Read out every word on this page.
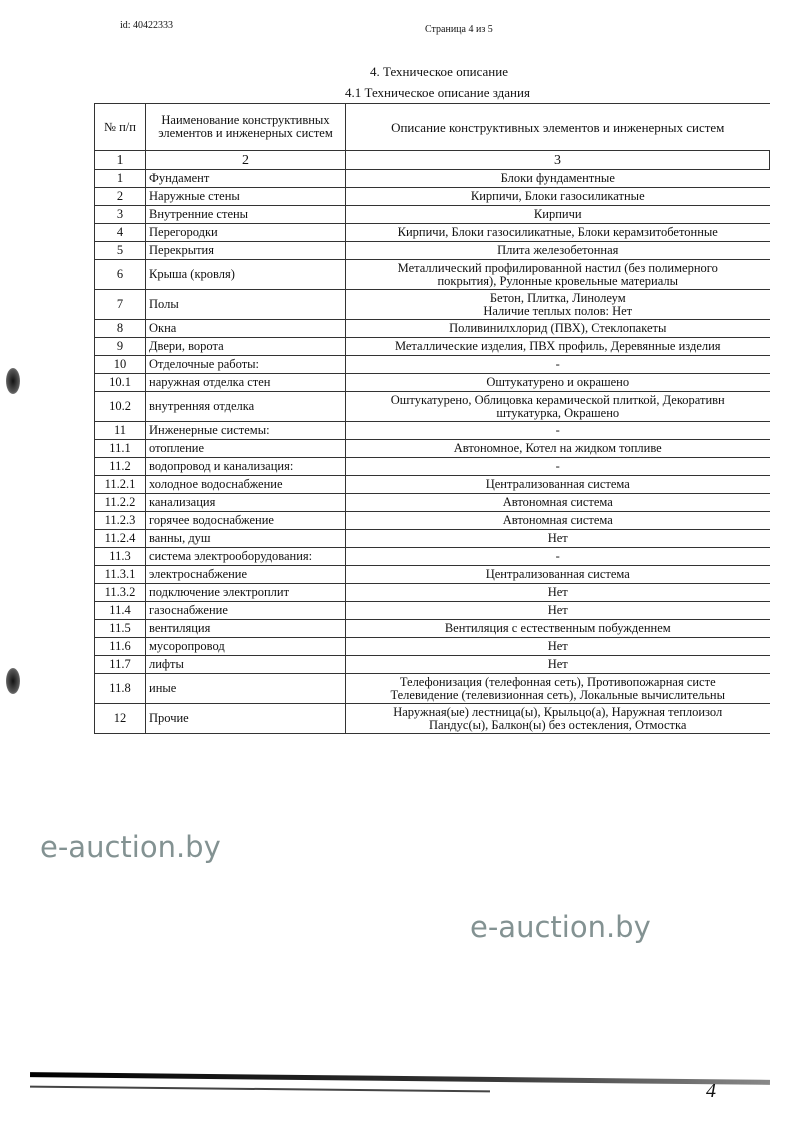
id: 40422333	Страница 4 из 5
4. Техническое описание
4.1 Техническое описание здания
№ п/п	Наименование конструктивных элементов и инженерных систем	Описание конструктивных элементов и инженерных систем
1	2	3
1	Фундамент	Блоки фундаментные

2	Наружные стены	Кирпичи, Блоки газосиликатные

3	Внутренние стены	Кирпичи

4	Перегородки	Кирпичи, Блоки газосиликатные, Блоки керамзитобетонные

5	Перекрытия	Плита железобетонная

6	Крыша (кровля)	Металлический профилированной настил (без полимерного
покрытия), Рулонные кровельные материалы

7	Полы	Бетон, Плитка, Линолеум
Наличие теплых полов: Нет

8	Окна	Поливинилхлорид (ПВХ), Стеклопакеты

9	Двери, ворота	Металлические изделия, ПВХ профиль, Деревянные изделия

10	Отделочные работы:	-

10.1	наружная отделка стен	Оштукатурено и окрашено

10.2	внутренняя отделка	Оштукатурено, Облицовка керамической плиткой, Декоративн
штукатурка, Окрашено

11	Инженерные системы:	-

11.1	отопление	Автономное, Котел на жидком топливе

11.2	водопровод и канализация:	-

11.2.1	холодное водоснабжение	Централизованная система

11.2.2	канализация	Автономная система

11.2.3	горячее водоснабжение	Автономная система

11.2.4	ванны, душ	Нет

11.3	система электрооборудования:	-

11.3.1	электроснабжение	Централизованная система

11.3.2	подключение электроплит	Нет

11.4	газоснабжение	Нет

11.5	вентиляция	Вентиляция с естественным побужденнем

11.6	мусоропровод	Нет

11.7	лифты	Нет

11.8	иные	Телефонизация (телефонная сеть), Противопожарная систе
Телевидение (телевизионная сеть), Локальные вычислительны

12	Прочие	Наружная(ые) лестница(ы), Крыльцо(а), Наружная теплоизол
Пандус(ы), Балкон(ы) без остекления, Отмостка
e-auction.by
e-auction.by
4
